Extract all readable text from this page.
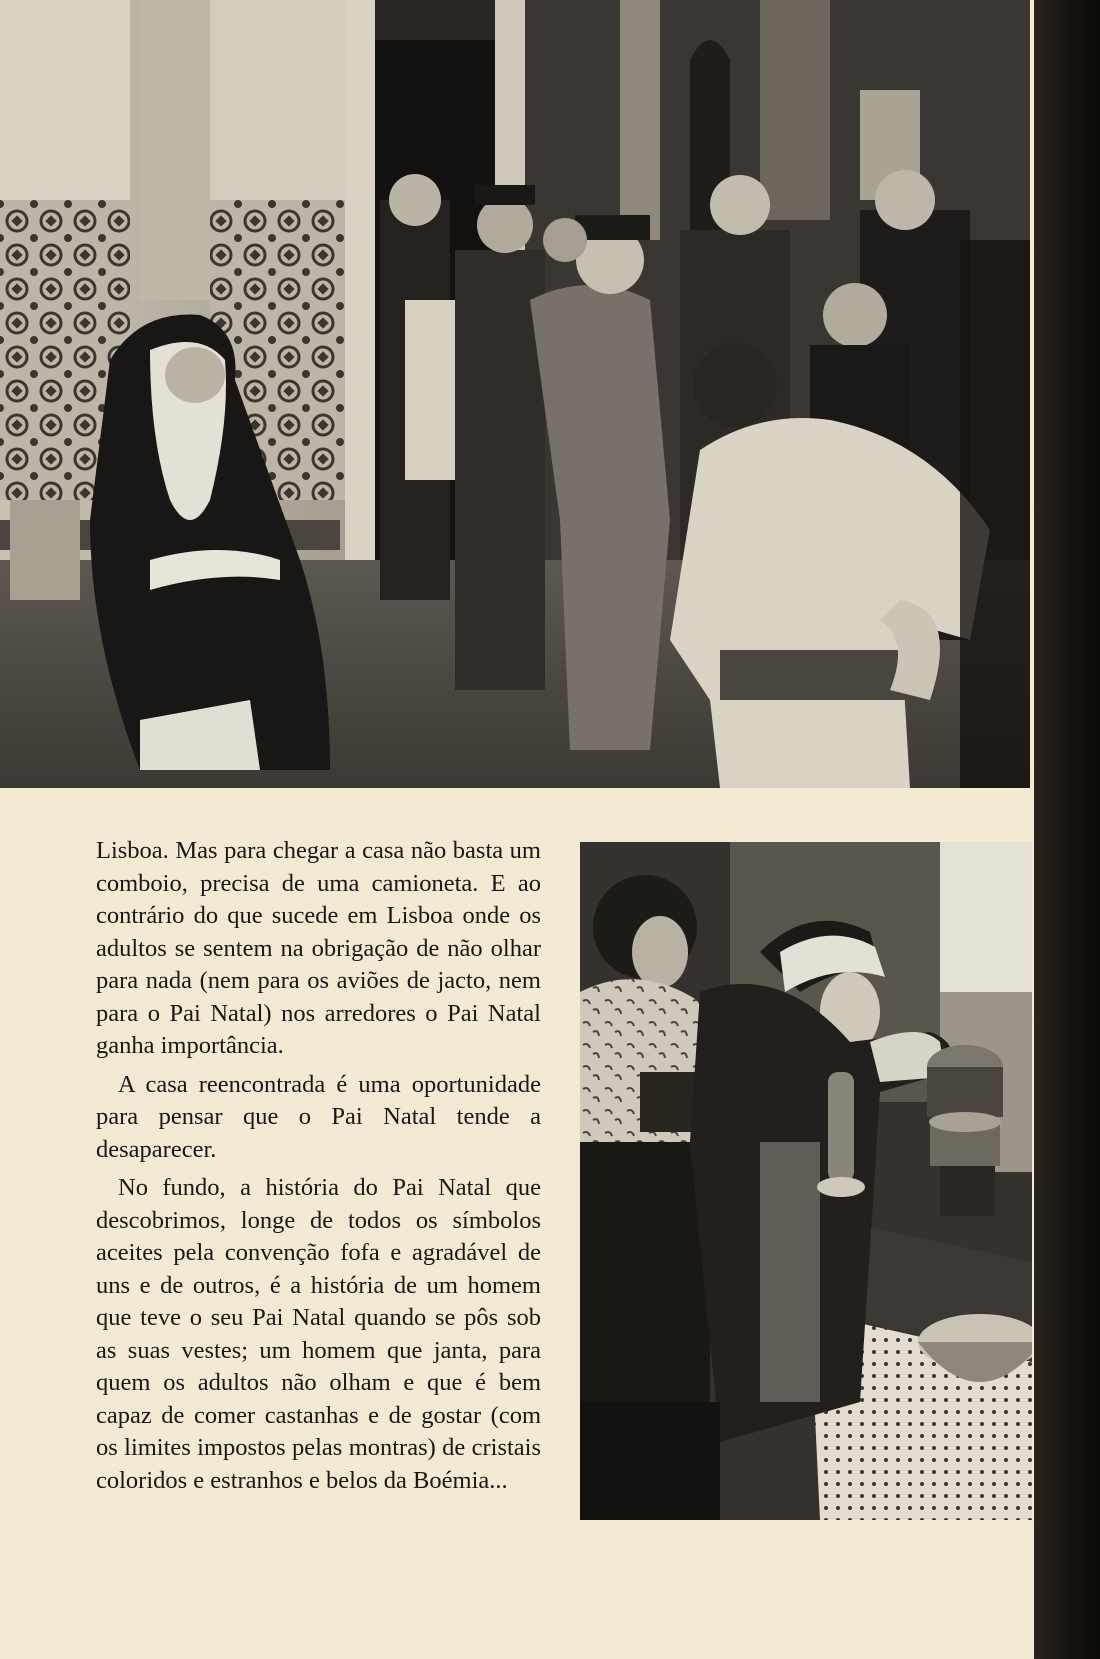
Lisboa. Mas para chegar a casa não basta um comboio, precisa de uma camioneta. E ao contrário do que sucede em Lisboa onde os adultos se sentem na obrigação de não olhar para nada (nem para os aviões de jacto, nem para o Pai Natal) nos arredores o Pai Natal ganha importância.

A casa reencontrada é uma oportunidade para pensar que o Pai Natal tende a desaparecer.

No fundo, a história do Pai Natal que descobrimos, longe de todos os símbolos aceites pela convenção fofa e agradável de uns e de outros, é a história de um homem que teve o seu Pai Natal quando se pôs sob as suas vestes; um homem que janta, para quem os adultos não olham e que é bem capaz de comer castanhas e de gostar (com os limites impostos pelas montras) de cristais coloridos e estranhos e belos da Boémia...
